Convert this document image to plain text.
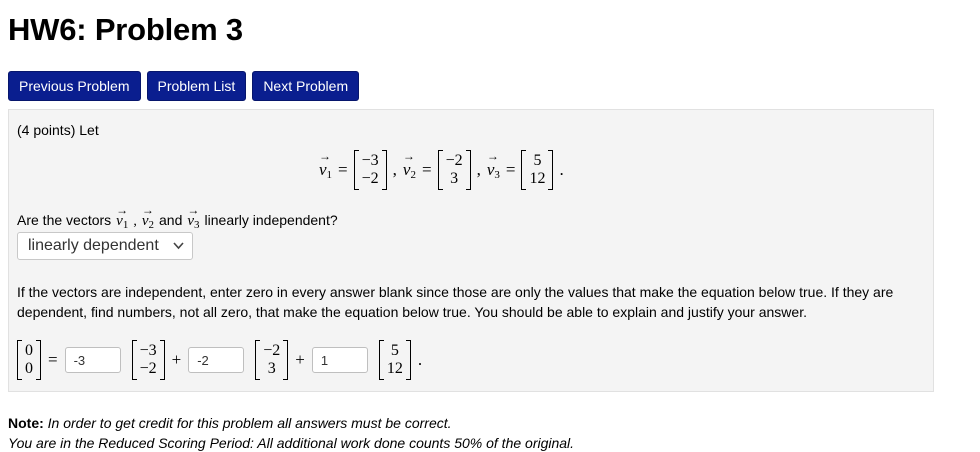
HW6: Problem 3
Previous Problem	Problem List	Next Problem
(4 points) Let
→
$v_1 = -3$
−2 ,
→
$v_2 = -2$
3 ,
→
$v_3 = 5$
12 .
Are the vectors
→
$v_1$ ,
→
$v_2$ and
→
$v_3$ linearly independent?
linearly dependent
If the vectors are independent, enter zero in every answer blank since those are only the values that make the equation below true. If they are dependent, find numbers, not all zero, that make the equation below true. You should be able to explain and justify your answer.
0
0 =
-3	−3
−2 +
-2	−2
3 +
1	5
12 .
Note: In order to get credit for this problem all answers must be correct.
You are in the Reduced Scoring Period: All additional work done counts 50% of the original.
